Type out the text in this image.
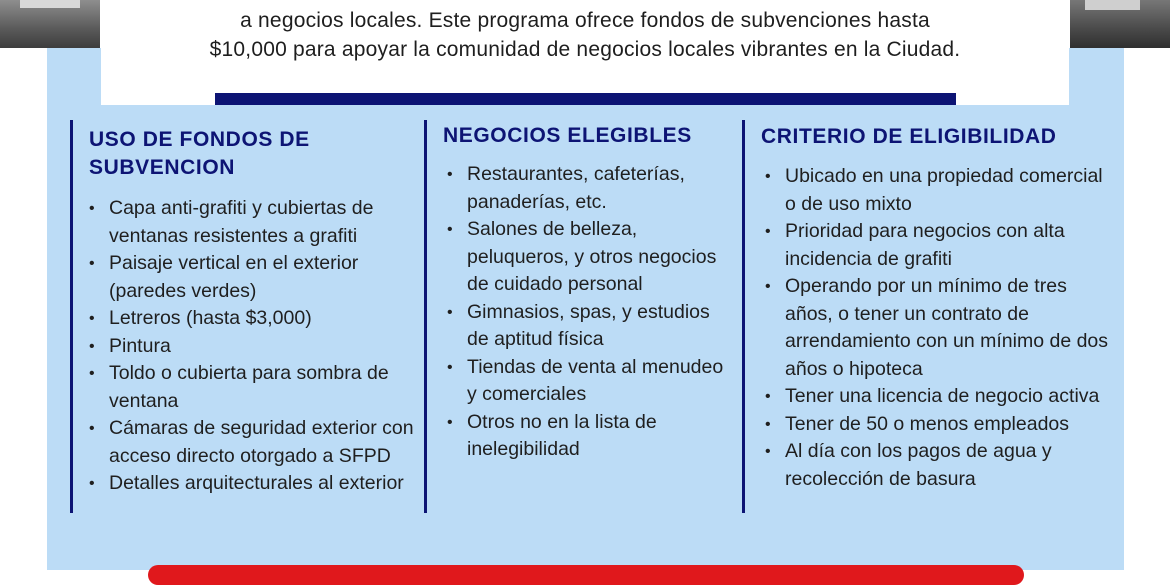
a negocios locales. Este programa ofrece fondos de subvenciones hasta
$10,000 para apoyar la comunidad de negocios locales vibrantes en la Ciudad.
USO DE FONDOS DE SUBVENCION
• Capa anti-grafiti y cubiertas de ventanas resistentes a grafiti
• Paisaje vertical en el exterior (paredes verdes)
• Letreros (hasta $3,000)
• Pintura
• Toldo o cubierta para sombra de ventana
• Cámaras de seguridad exterior con acceso directo otorgado a SFPD
• Detalles arquitecturales al exterior
NEGOCIOS ELEGIBLES
• Restaurantes, cafeterías, panaderías, etc.
• Salones de belleza, peluqueros, y otros negocios de cuidado personal
• Gimnasios, spas, y estudios de aptitud física
• Tiendas de venta al menudeo y comerciales
• Otros no en la lista de inelegibilidad
CRITERIO DE ELIGIBILIDAD
• Ubicado en una propiedad comercial o de uso mixto
• Prioridad para negocios con alta incidencia de grafiti
• Operando por un mínimo de tres años, o tener un contrato de arrendamiento con un mínimo de dos años o hipoteca
• Tener una licencia de negocio activa
• Tener de 50 o menos empleados
• Al día con los pagos de agua y recolección de basura
